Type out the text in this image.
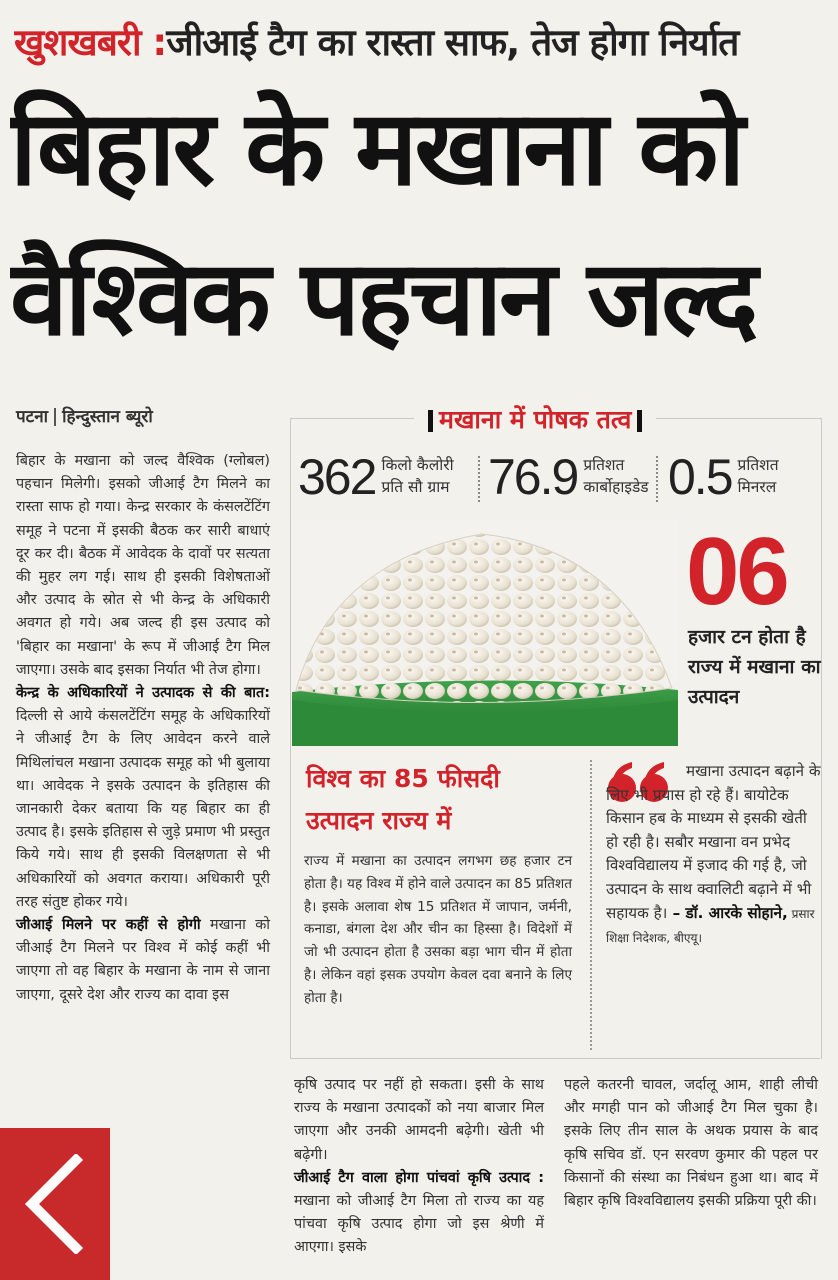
खुशखबरी :जीआई टैग का रास्ता साफ, तेज होगा निर्यात
बिहार के मखाना को
वैश्विक पहचान जल्द
पटना हिन्दुस्तान ब्यूरो

बिहार के मखाना को जल्द वैश्विक (ग्लोबल) पहचान मिलेगी। इसको जीआई टैग मिलने का रास्ता साफ हो गया। केन्द्र सरकार के कंसलटेंटिंग समूह ने पटना में इसकी बैठक कर सारी बाधाएं दूर कर दी। बैठक में आवेदक के दावों पर सत्यता की मुहर लग गई। साथ ही इसकी विशेषताओं और उत्पाद के स्रोत से भी केन्द्र के अधिकारी अवगत हो गये। अब जल्द ही इस उत्पाद को 'बिहार का मखाना' के रूप में जीआई टैग मिल जाएगा। उसके बाद इसका निर्यात भी तेज होगा।

केन्द्र के अधिकारियों ने उत्पादक से की बात: दिल्ली से आये कंसलटेंटिंग समूह के अधिकारियों ने जीआई टैग के लिए आवेदन करने वाले मिथिलांचल मखाना उत्पादक समूह को भी बुलाया था। आवेदक ने इसके उत्पादन के इतिहास की जानकारी देकर बताया कि यह बिहार का ही उत्पाद है। इसके इतिहास से जुड़े प्रमाण भी प्रस्तुत किये गये। साथ ही इसकी विलक्षणता से भी अधिकारियों को अवगत कराया। अधिकारी पूरी तरह संतुष्ट होकर गये।

जीआई मिलने पर कहीं से होगी मखाना को जीआई टैग मिलने पर विश्व में कोई कहीं भी जाएगा तो वह बिहार के मखाना के नाम से जाना जाएगा, दूसरे देश और राज्य का दावा इस

मखाना में पोषक तत्व
362 किलो कैलोरी
प्रति सौ ग्राम 76.9 प्रतिशत
कार्बोहाइडेड 0.5 प्रतिशत
मिनरल
06
हजार टन होता है राज्य में मखाना का उत्पादन
विश्व का 85 फीसदी उत्पादन राज्य में

राज्य में मखाना का उत्पादन लगभग छह हजार टन होता है। यह विश्व में होने वाले उत्पादन का 85 प्रतिशत है। इसके अलावा शेष 15 प्रतिशत में जापान, जर्मनी, कनाडा, बंगला देश और चीन का हिस्सा है। विदेशों में जो भी उत्पादन होता है उसका बड़ा भाग चीन में होता है। लेकिन वहां इसक उपयोग केवल दवा बनाने के लिए होता है।

मखाना उत्पादन बढ़ाने के लिए भी प्रयास हो रहे हैं। बायोटेक किसान हब के माध्यम से इसकी खेती हो रही है। सबौर मखाना वन प्रभेद विश्वविद्यालय में इजाद की गई है, जो उत्पादन के साथ क्वालिटी बढ़ाने में भी सहायक है। – डॉ. आरके सोहाने, प्रसार शिक्षा निदेशक, बीएयू।

कृषि उत्पाद पर नहीं हो सकता। इसी के साथ राज्य के मखाना उत्पादकों को नया बाजार मिल जाएगा और उनकी आमदनी बढ़ेगी। खेती भी बढ़ेगी।

जीआई टैग वाला होगा पांचवां कृषि उत्पाद : मखाना को जीआई टैग मिला तो राज्य का यह पांचवा कृषि उत्पाद होगा जो इस श्रेणी में आएगा। इसके

पहले कतरनी चावल, जर्दालू आम, शाही लीची और मगही पान को जीआई टैग मिल चुका है। इसके लिए तीन साल के अथक प्रयास के बाद कृषि सचिव डॉ. एन सरवण कुमार की पहल पर किसानों की संस्था का निबंधन हुआ था। बाद में बिहार कृषि विश्वविद्यालय इसकी प्रक्रिया पूरी की।
